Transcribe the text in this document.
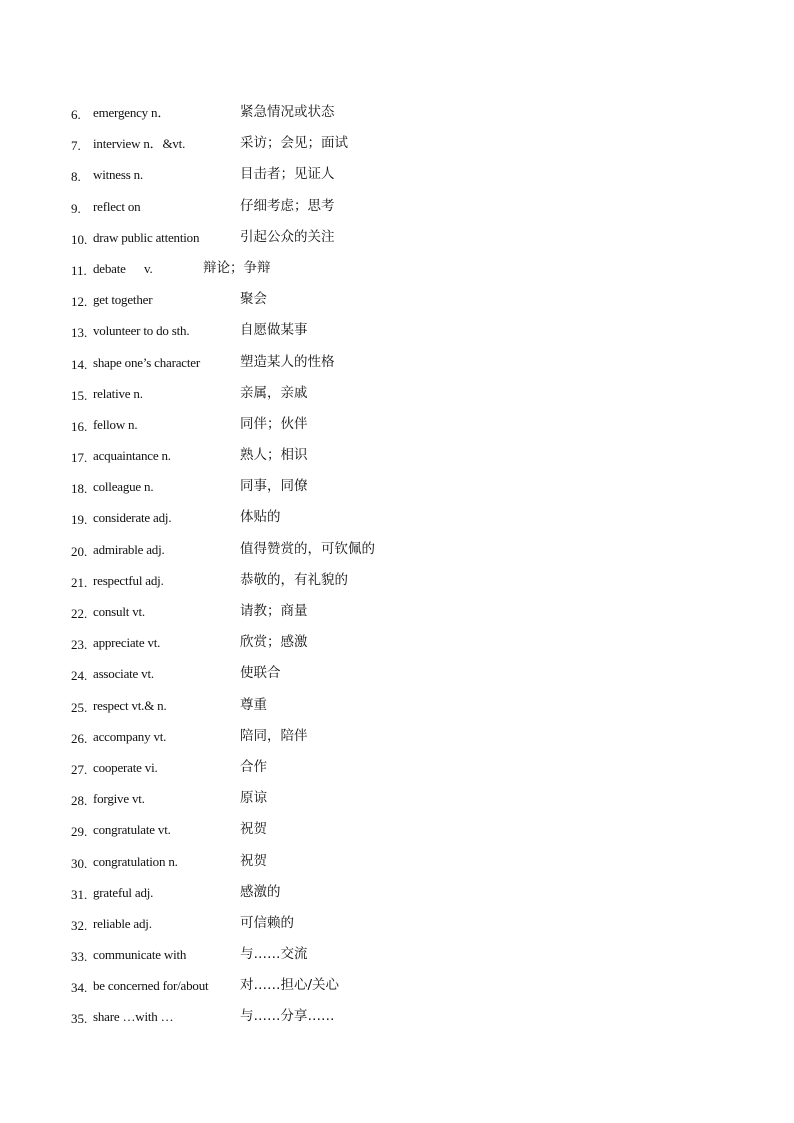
6. emergency n．	紧急情况或状态
7. interview n．&vt.	采访；会见；面试
8. witness n.	目击者；见证人
9. reflect on	仔细考虑；思考
10. draw public attention	引起公众的关注
11. debate      v.	辩论；争辩
12. get together	聚会
13. volunteer to do sth.	自愿做某事
14. shape one’s character	塑造某人的性格
15. relative n.	亲属，亲戚
16. fellow n.	同伴；伙伴
17. acquaintance n.	熟人；相识
18. colleague n.	同事，同僚
19. considerate adj.	体贴的
20. admirable adj.	值得赞赏的，可钦佩的
21. respectful adj.	恭敬的，有礼貌的
22. consult vt.	请教；商量
23. appreciate vt.	欣赏；感激
24. associate vt.	使联合
25. respect vt.& n.	尊重
26. accompany vt.	陪同，陪伴
27. cooperate vi.	合作
28. forgive vt.	原谅
29. congratulate vt.	祝贺
30. congratulation n.	祝贺
31. grateful adj.	感激的
32. reliable adj.	可信赖的
33. communicate with	与……交流
34. be concerned for/about 对……担心/关心
35. share …with …	与……分享……
